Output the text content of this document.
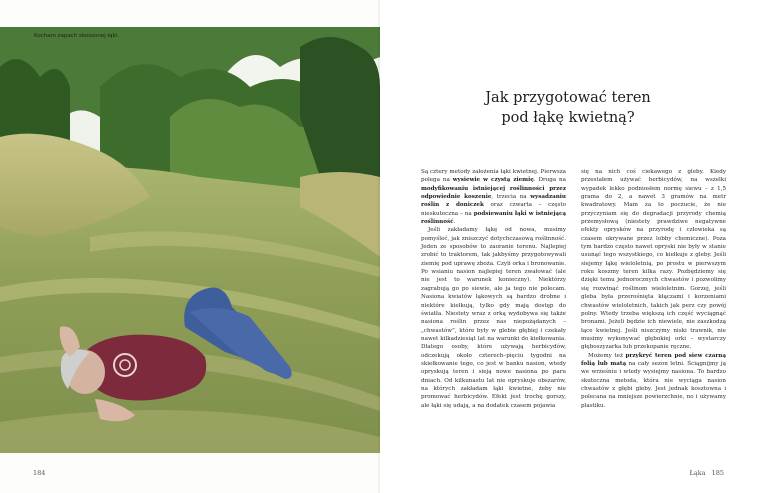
Kocham zapach skoszonej łąki.
184
Jak przygotować teren
pod łąkę kwietną?

Są cztery metody założenia łąki kwietnej. Pierwsza polega na wysiewie w czystą ziemię. Druga na modyfikowaniu istniejącej roślinności przez odpowiednie koszenie, trzecia na wysadzaniu roślin z doniczek oraz czwarta – często nieskuteczna – na podsiewaniu łąki w istniejącą roślinność.

Jeśli zakładamy łąkę od nowa, musimy pomyśleć, jak zniszczyć dotychczasową roślinność. Jeden ze sposobów to zaoranie terenu. Najlepiej zrobić to traktorem, tak jakbyśmy przygotowywali ziemię pod uprawę zboża. Czyli orka i bronowanie. Po wsianiu nasion najlepiej teren zwałować (ale nie jest to warunek konieczny). Niektórzy zagrabują go po siewie, ale ja tego nie polecam. Nasiona kwiatów łąkowych są bardzo drobne i niektóre kiełkują, tylko gdy mają dostęp do światła. Niestety wraz z orką wydobywa się także nasiona roślin przez nas niepożądanych – „chwastów”, które były w glebie głębiej i czekały nawet kilkadziesiąt lat na warunki do kiełkowania. Dlatego osoby, które używają herbicydów, odczekują około czterech–pięciu tygodni na skiełkowanie tego, co jest w banku nasion, wtedy opryskują teren i sieją nowe nasiona po paru dniach. Od kilkunastu lat nie opryskuje obszarów, na których zakładam łąki kwietne, żeby nie promować herbicydów. Efekt jest trochę gorszy, ale łąki się udają, a na dodatek czasem pojawia

się na nich coś ciekawego z gleby. Kiedy przestałem używać herbicydów, na wszelki wypadek lekko podniosłem normę siewu – z 1,5 grama do 2, a nawet 3 gramów na metr kwadratowy. Mam za to poczucie, że nie przyczyniam się do degradacji przyrody chemią przemysłową (niestety prawdziwe negatywne efekty oprysków na przyrodę i człowieka są czasem ukrywane przez lobby chemiczne). Poza tym bardzo często nawet opryski nie były w stanie usunąć tego wszystkiego, co kiełkuje z gleby. Jeśli siejemy łąkę wieloletnią, po prostu w pierwszym roku koszmy teren kilka razy. Pozbędziemy się dzięki temu jednorocznych chwastów i pozwolimy się rozwinąć roślinom wieloletnim. Gorzej, jeśli gleba była przerośnięta kłączami i korzeniami chwastów wieloletnich, takich jak perz czy powój polny. Wtedy trzeba większą ich część wyciągnąć bronami. Jeżeli będzie ich niewiele, nie zaszkodzą łące kwietnej. Jeśli niszczymy niski trawnik, nie musimy wykonywać głębokiej orki – wystarczy głęboszyzarka lub przekopanie ręczne.

Możemy też przykryć teren pod siew czarną folią lub matą na cały sezon letni. Ściągnijmy ją we wrześniu i wtedy wysiejmy nasiona. To bardzo skuteczna metoda, która nie wyciąga nasion chwastów z głębi gleby. Jest jednak kosztowna i polecana na mniejsze powierzchnie, no i używamy plastiku.

Łąka 185
